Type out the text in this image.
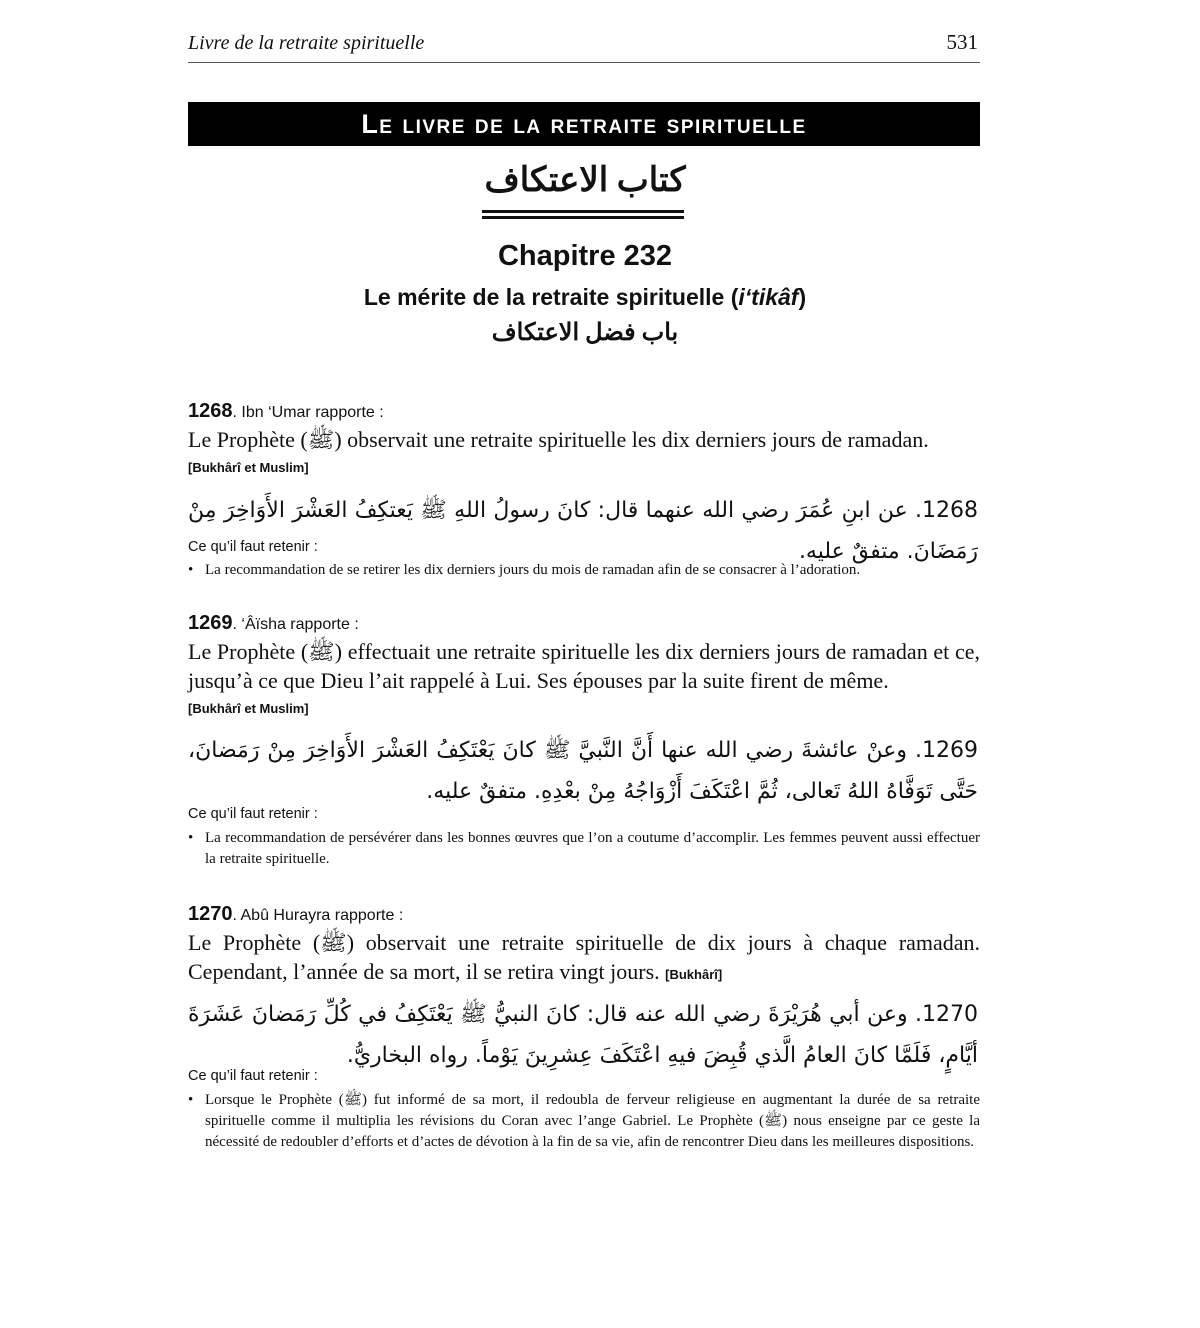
Livre de la retraite spirituelle	531
Le livre de la retraite spirituelle
كتاب الاعتكاف
Chapitre 232
Le mérite de la retraite spirituelle (i‘tikâf)
باب فضل الاعتكاف
1268. Ibn ‘Umar rapporte :
Le Prophète (ﷺ) observait une retraite spirituelle les dix derniers jours de ramadan.
[Bukhârî et Muslim]
1268. عن ابنِ عُمَرَ رضي الله عنهما قال: كانَ رسولُ اللهِ ﷺ يَعتكِفُ العَشْرَ الأَوَاخِرَ مِنْ رَمَضَانَ. متفقٌ عليه.
Ce qu’il faut retenir :
• La recommandation de se retirer les dix derniers jours du mois de ramadan afin de se consacrer à l’adoration.
1269. ‘Âïsha rapporte :
Le Prophète (ﷺ) effectuait une retraite spirituelle les dix derniers jours de ramadan et ce, jusqu’à ce que Dieu l’ait rappelé à Lui. Ses épouses par la suite firent de même.
[Bukhârî et Muslim]
1269. وعنْ عائشةَ رضي الله عنها أَنَّ النَّبيَّ ﷺ كانَ يَعْتَكِفُ العَشْرَ الأَوَاخِرَ مِنْ رَمَضانَ، حَتَّى تَوَفَّاهُ اللهُ تَعالى، ثُمَّ اعْتَكَفَ أَزْوَاجُهُ مِنْ بعْدِهِ. متفقٌ عليه.
Ce qu’il faut retenir :
• La recommandation de persévérer dans les bonnes œuvres que l’on a coutume d’accomplir. Les femmes peuvent aussi effectuer la retraite spirituelle.
1270. Abû Hurayra rapporte :
Le Prophète (ﷺ) observait une retraite spirituelle de dix jours à chaque ramadan. Cependant, l’année de sa mort, il se retira vingt jours. [Bukhârî]
1270. وعن أبي هُرَيْرَةَ رضي الله عنه قال: كانَ النبيُّ ﷺ يَعْتَكِفُ في كُلِّ رَمَضانَ عَشَرَةَ أيَّامٍ، فَلَمَّا كانَ العامُ الَّذي قُبِضَ فيهِ اعْتَكَفَ عِشرِينَ يَوْماً. رواه البخاريُّ.
Ce qu’il faut retenir :
• Lorsque le Prophète (ﷺ) fut informé de sa mort, il redoubla de ferveur religieuse en augmentant la durée de sa retraite spirituelle comme il multiplia les révisions du Coran avec l’ange Gabriel. Le Prophète (ﷺ) nous enseigne par ce geste la nécessité de redoubler d’efforts et d’actes de dévotion à la fin de sa vie, afin de rencontrer Dieu dans les meilleures dispositions.
